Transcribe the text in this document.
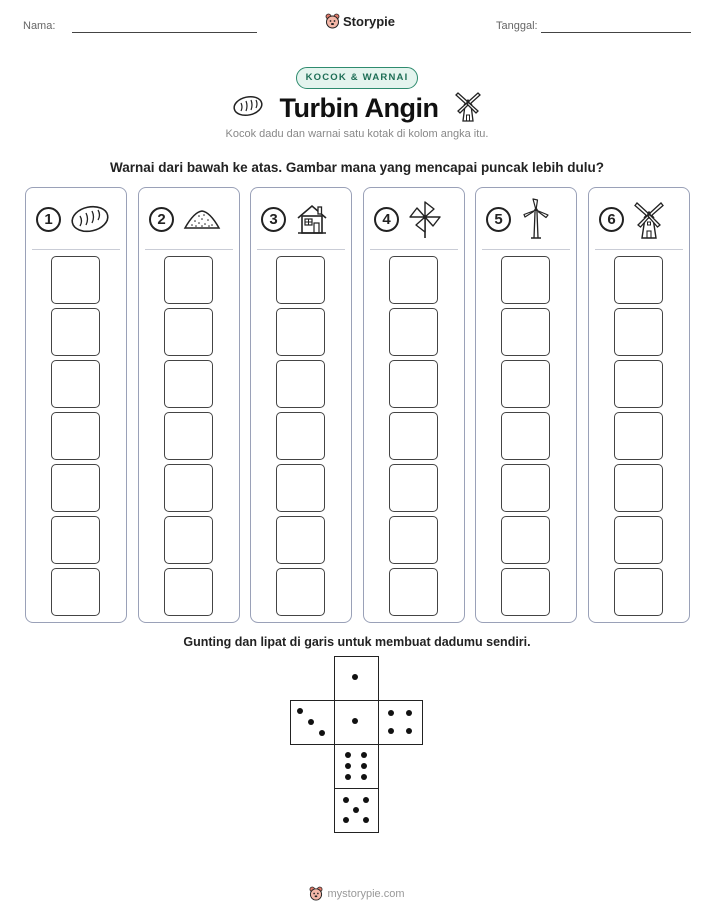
Nama:	Storypie	Tanggal:
KOCOK & WARNAI
Turbin Angin
Kocok dadu dan warnai satu kotak di kolom angka itu.
Warnai dari bawah ke atas. Gambar mana yang mencapai puncak lebih dulu?
1	2	3	4	5	6
Gunting dan lipat di garis untuk membuat dadumu sendiri.
mystorypie.com
